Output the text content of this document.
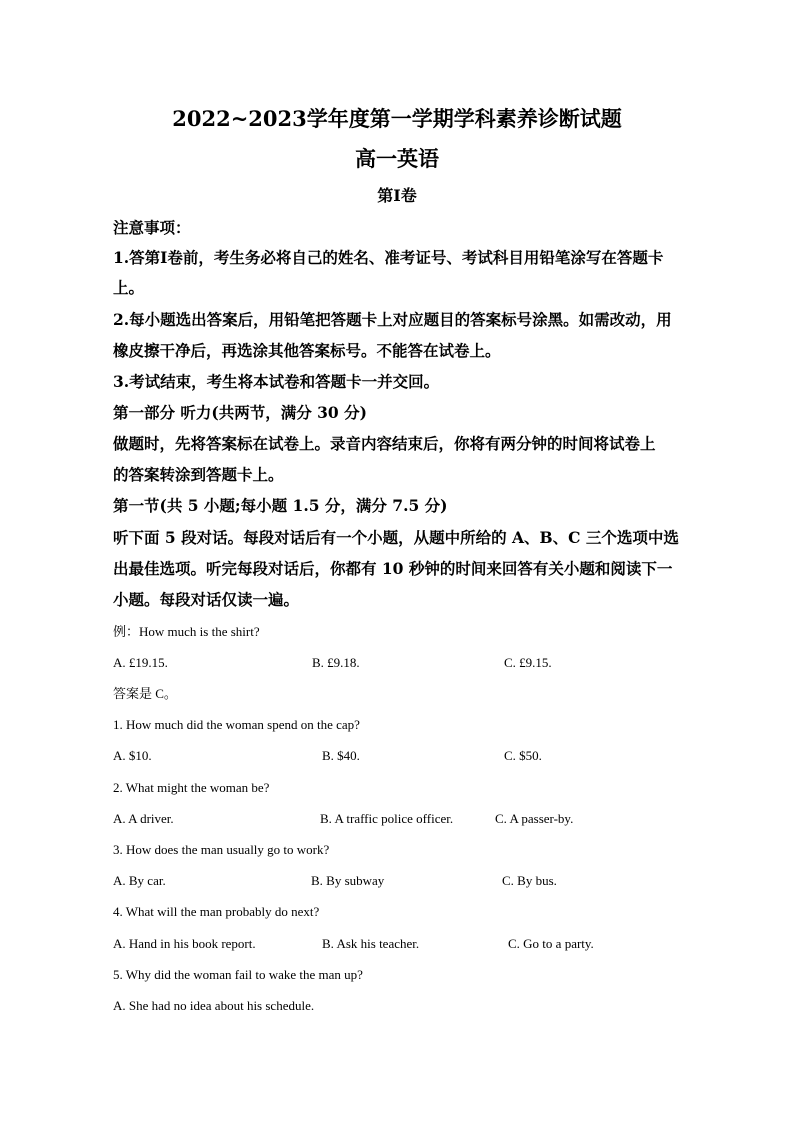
2022~2023学年度第一学期学科素养诊断试题
高一英语
第Ⅰ卷
注意事项：
1.答第Ⅰ卷前，考生务必将自己的姓名、准考证号、考试科目用铅笔涂写在答题卡
上。
2.每小题选出答案后，用铅笔把答题卡上对应题目的答案标号涂黑。如需改动，用
橡皮擦干净后，再选涂其他答案标号。不能答在试卷上。
3.考试结束，考生将本试卷和答题卡一并交回。
第一部分 听力(共两节，满分 30 分)
做题时，先将答案标在试卷上。录音内容结束后，你将有两分钟的时间将试卷上
的答案转涂到答题卡上。
第一节(共 5 小题;每小题 1.5 分，满分 7.5 分)
听下面 5 段对话。每段对话后有一个小题，从题中所给的 A、B、C 三个选项中选
出最佳选项。听完每段对话后，你都有 10 秒钟的时间来回答有关小题和阅读下一
小题。每段对话仅读一遍。
例：How much is the shirt?
A. £19.15.	B. £9.18.	C. £9.15.
答案是 C。
1. How much did the woman spend on the cap?
A. $10.	B. $40.	C. $50.
2. What might the woman be?
A. A driver.	B. A traffic police officer.	C. A passer-by.
3. How does the man usually go to work?
A. By car.	B. By subway	C. By bus.
4. What will the man probably do next?
A. Hand in his book report.	B. Ask his teacher.	C. Go to a party.
5. Why did the woman fail to wake the man up?
A. She had no idea about his schedule.
